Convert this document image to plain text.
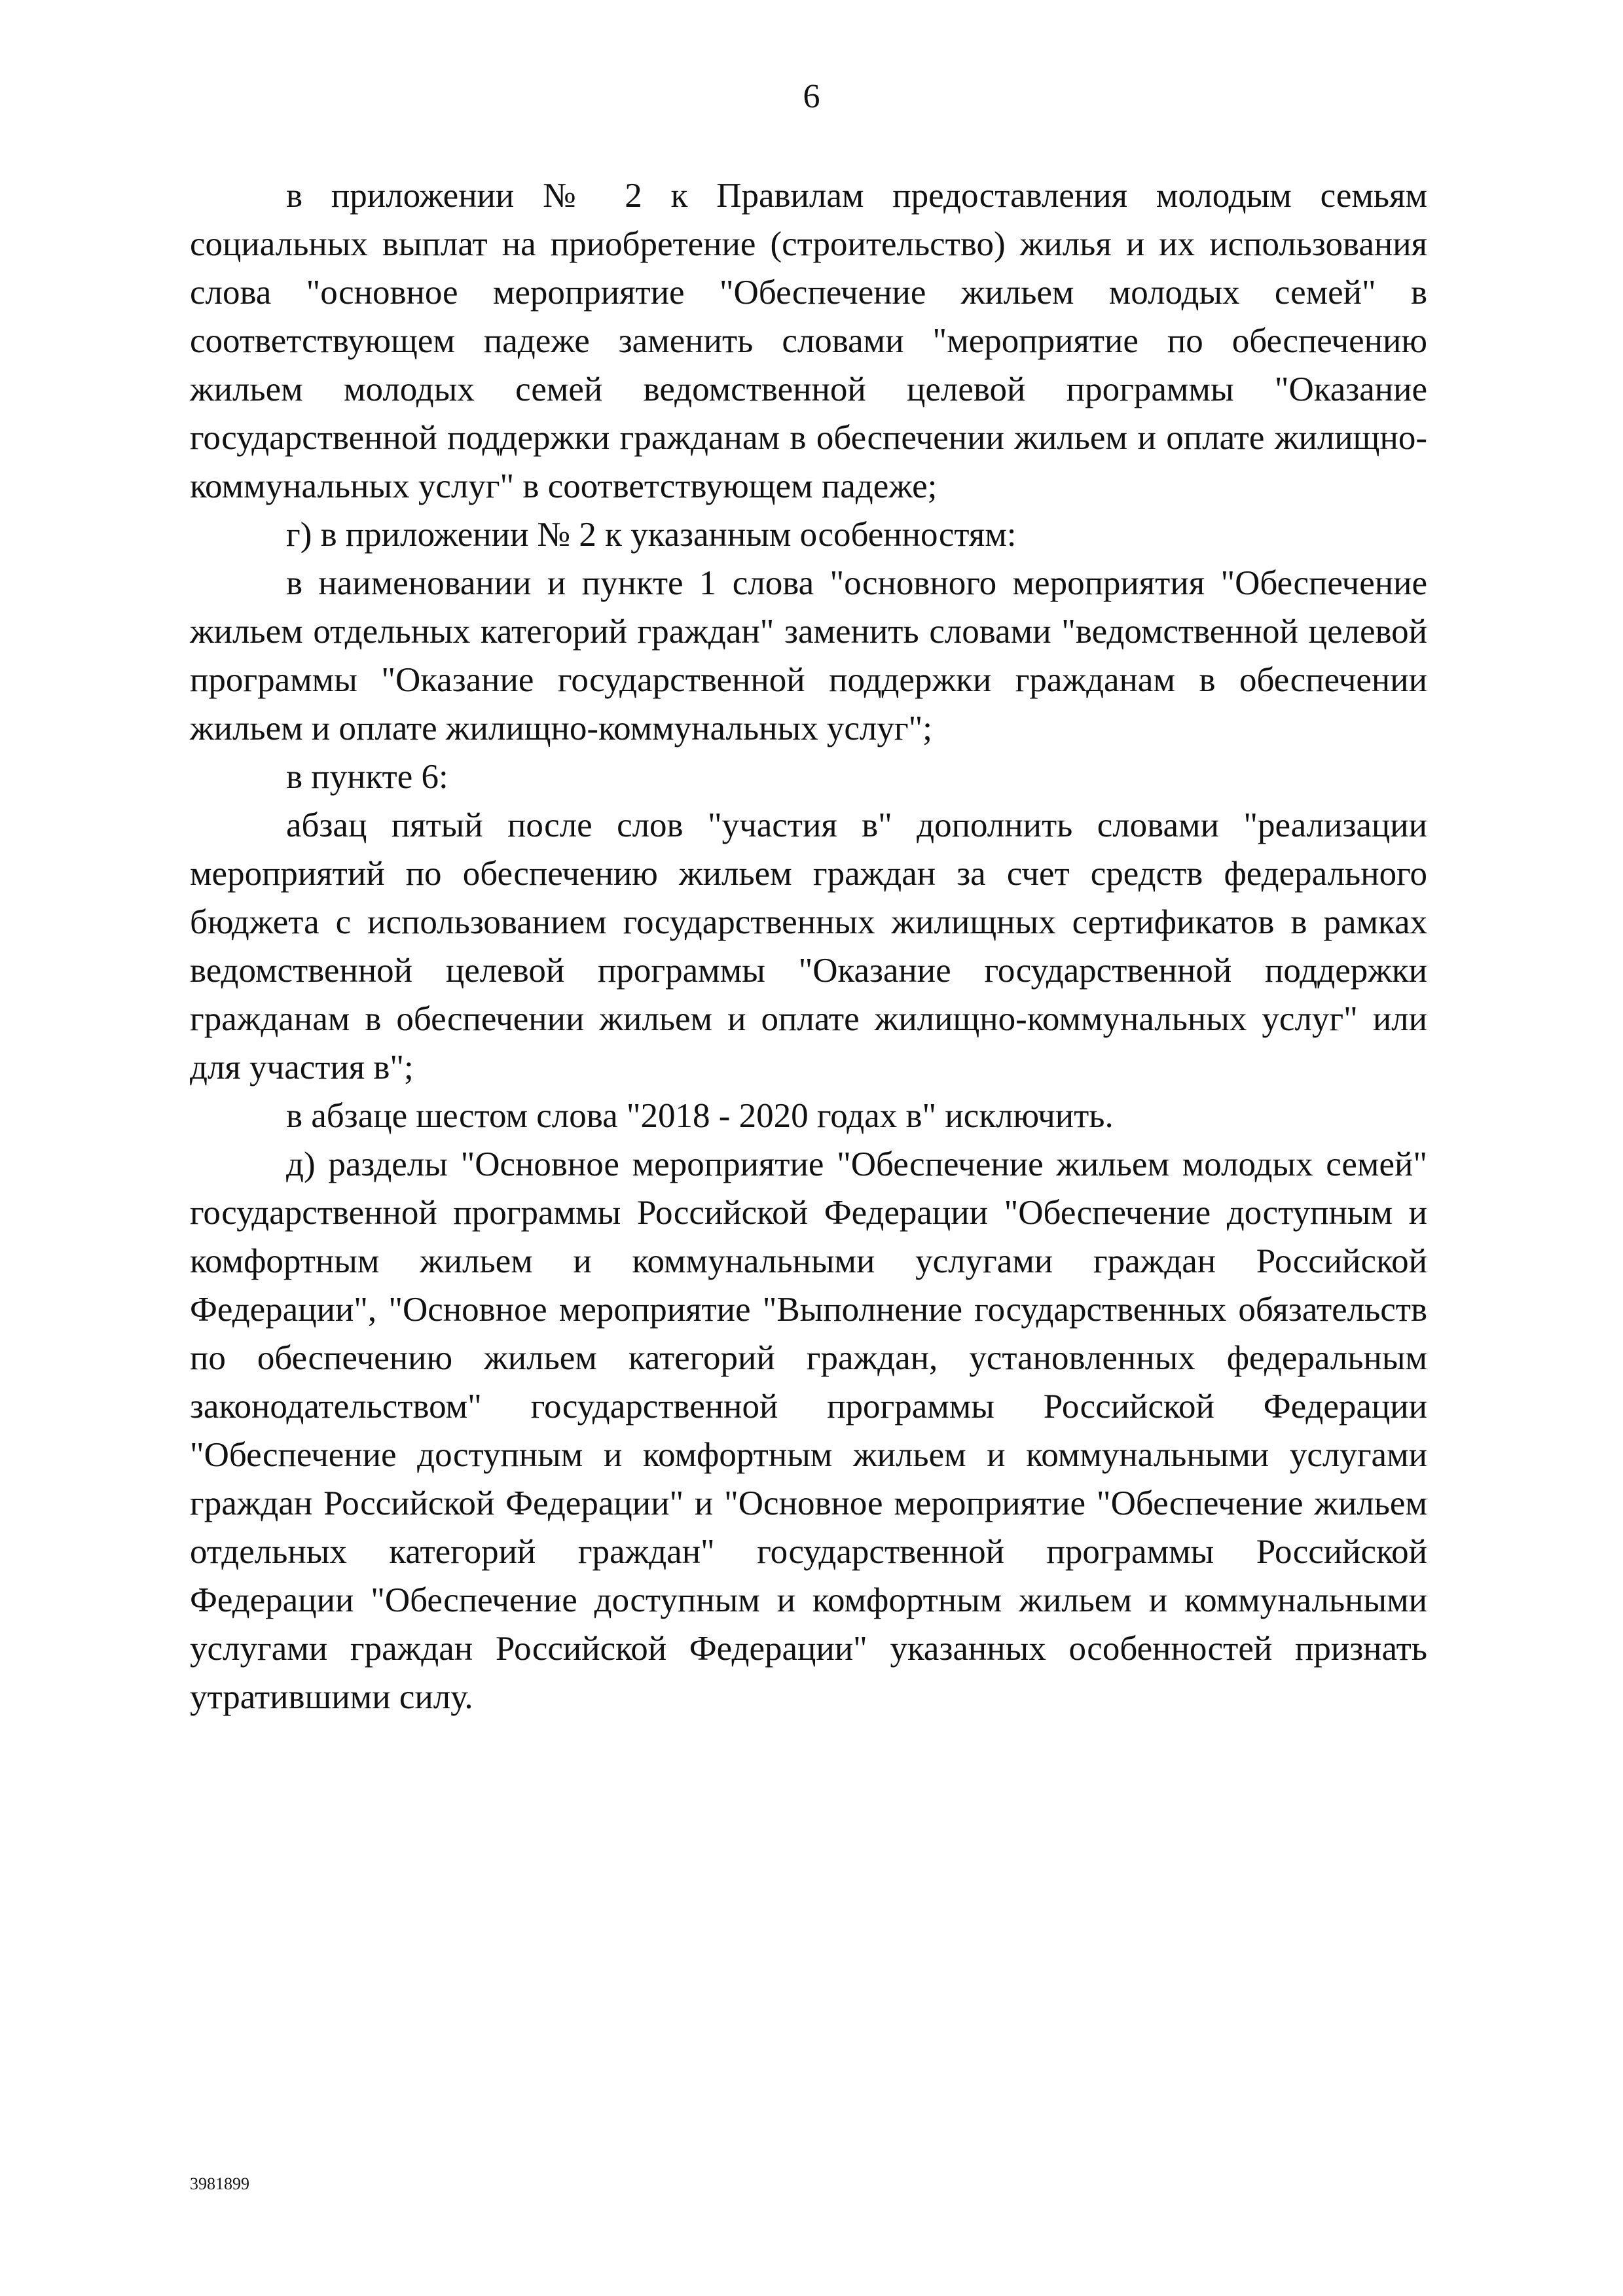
6

в приложении № 2 к Правилам предоставления молодым семьям социальных выплат на приобретение (строительство) жилья и их использования слова "основное мероприятие "Обеспечение жильем молодых семей" в соответствующем падеже заменить словами "мероприятие по обеспечению жильем молодых семей ведомственной целевой программы "Оказание государственной поддержки гражданам в обеспечении жильем и оплате жилищно-коммунальных услуг" в соответствующем падеже;

г) в приложении № 2 к указанным особенностям:

в наименовании и пункте 1 слова "основного мероприятия "Обеспечение жильем отдельных категорий граждан" заменить словами "ведомственной целевой программы "Оказание государственной поддержки гражданам в обеспечении жильем и оплате жилищно-коммунальных услуг";

в пункте 6:

абзац пятый после слов "участия в" дополнить словами "реализации мероприятий по обеспечению жильем граждан за счет средств федерального бюджета с использованием государственных жилищных сертификатов в рамках ведомственной целевой программы "Оказание государственной поддержки гражданам в обеспечении жильем и оплате жилищно-коммунальных услуг" или для участия в";

в абзаце шестом слова "2018 - 2020 годах в" исключить.

д) разделы "Основное мероприятие "Обеспечение жильем молодых семей" государственной программы Российской Федерации "Обеспечение доступным и комфортным жильем и коммунальными услугами граждан Российской Федерации", "Основное мероприятие "Выполнение государственных обязательств по обеспечению жильем категорий граждан, установленных федеральным законодательством" государственной программы Российской Федерации "Обеспечение доступным и комфортным жильем и коммунальными услугами граждан Российской Федерации" и "Основное мероприятие "Обеспечение жильем отдельных категорий граждан" государственной программы Российской Федерации "Обеспечение доступным и комфортным жильем и коммунальными услугами граждан Российской Федерации" указанных особенностей признать утратившими силу.

3981899
